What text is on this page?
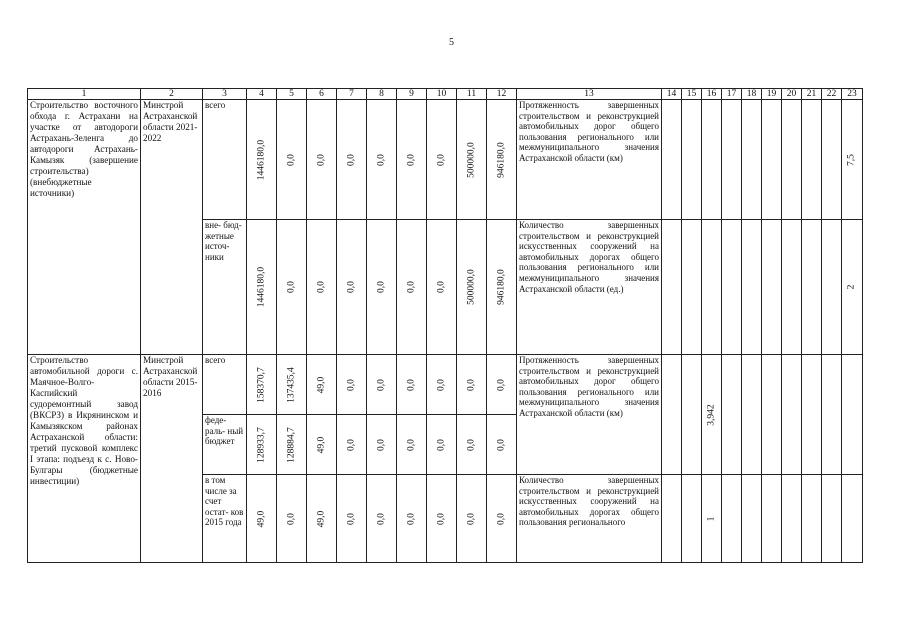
5
1	2	3	4	5	6	7	8	9	10	11	12	13	14	15	16	17	18	19	20	21	22	23
Строительство восточного обхода г. Астрахани на участке от автодороги Астрахань-Зеленга до автодороги Астрахань-Камызяк (завершение строительства) (внебюджетные источники)	Минстрой Астраханской области 2021-2022	всего	1446180,0	0,0	0,0	0,0	0,0	0,0	0,0	500000,0	946180,0	Протяженность завершенных строительством и реконструкцией автомобильных дорог общего пользования регионального или межмуниципального значения Астраханской области (км)										7,5

		вне- бюд- жетные источ- ники	1446180,0	0,0	0,0	0,0	0,0	0,0	0,0	500000,0	946180,0	Количество завершенных строительством и реконструкцией искусственных сооружений на автомобильных дорогах общего пользования регионального или межмуниципального значения Астраханской области (ед.)										2

Строительство автомобильной дороги с. Маячное-Волго-Каспийский судоремонтный завод (ВКСРЗ) в Икрянинском и Камызякском районах Астраханской области: третий пусковой комплекс I этапа: подъезд к с. Ново-Булгары (бюджетные инвестиции)	Минстрой Астраханской области 2015-2016	всего	158370,7	137435,4	49,0	0,0	0,0	0,0	0,0	0,0	0,0	Протяженность завершенных строительством и реконструкцией автомобильных дорог общего пользования регионального или межмуниципального значения Астраханской области (км)			3,942							

		феде- раль- ный бюджет	128933,7	128884,7	49,0	0,0	0,0	0,0	0,0	0,0	0,0											

		в том числе за счет остат- ков 2015 года	49,0	0,0	49,0	0,0	0,0	0,0	0,0	0,0	0,0	Количество завершенных строительством и реконструкцией искусственных сооружений на автомобильных дорогах общего пользования регионального			1							
